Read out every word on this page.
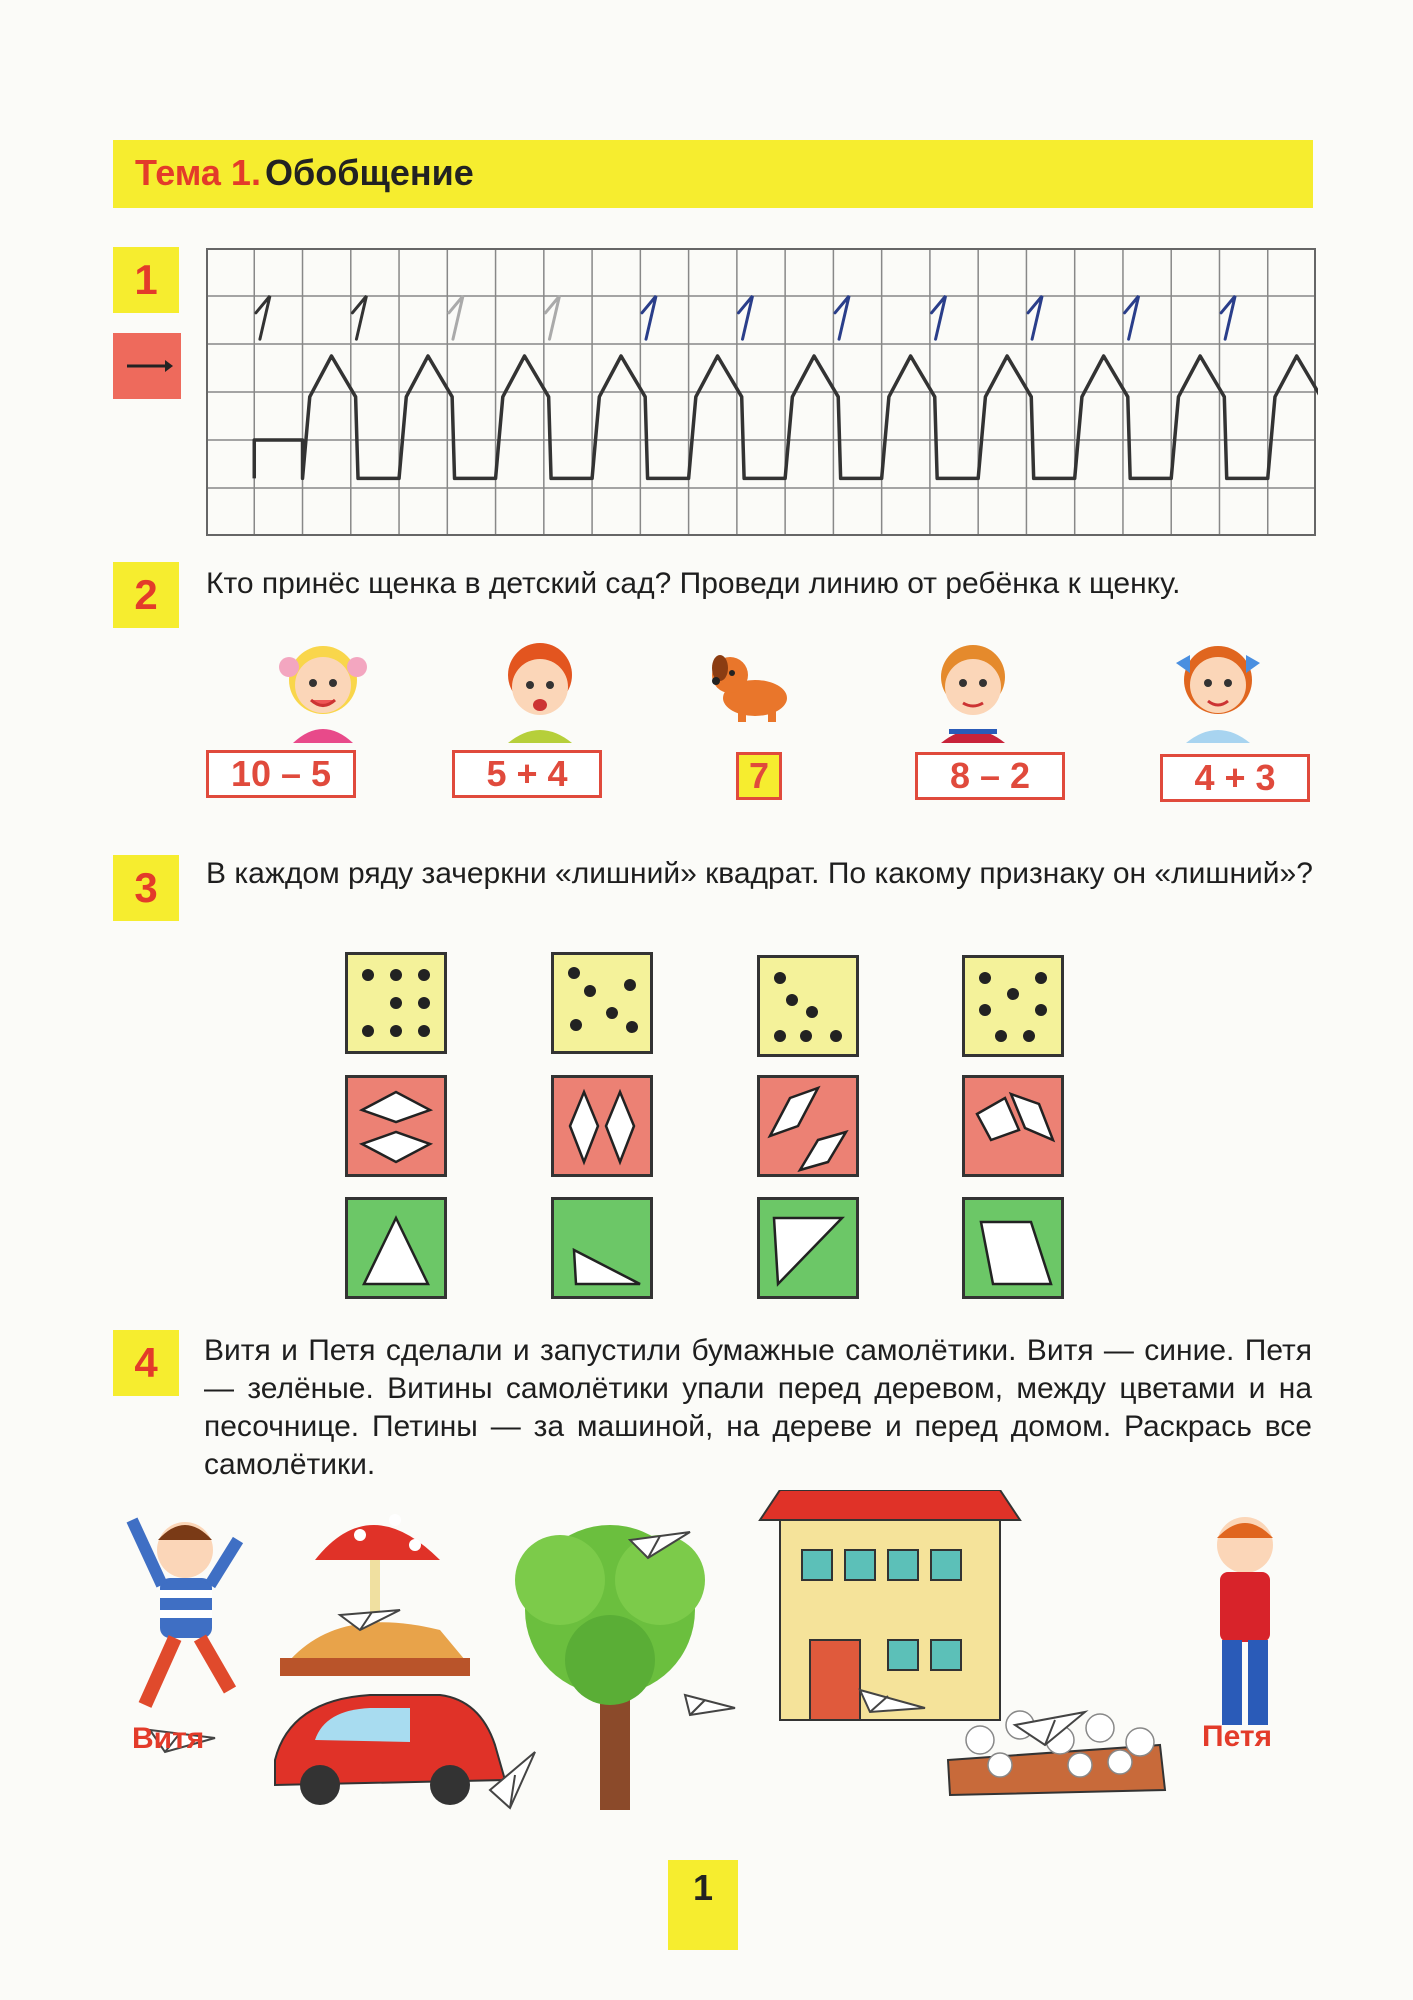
Тема 1. Обобщение
1
2	Кто принёс щенка в детский сад? Проведи линию от ребёнка к щенку.
10 – 5	5 + 4	7	8 – 2	4 + 3
3	В каждом ряду зачеркни «лишний» квадрат. По какому признаку он «лишний»?
4	Витя и Петя сделали и запустили бумажные самолётики. Витя — синие. Петя — зелёные. Витины самолётики упали перед деревом, между цветами и на песочнице. Петины — за машиной, на дереве и перед домом. Раскрась все самолётики.
Витя	Петя
1
